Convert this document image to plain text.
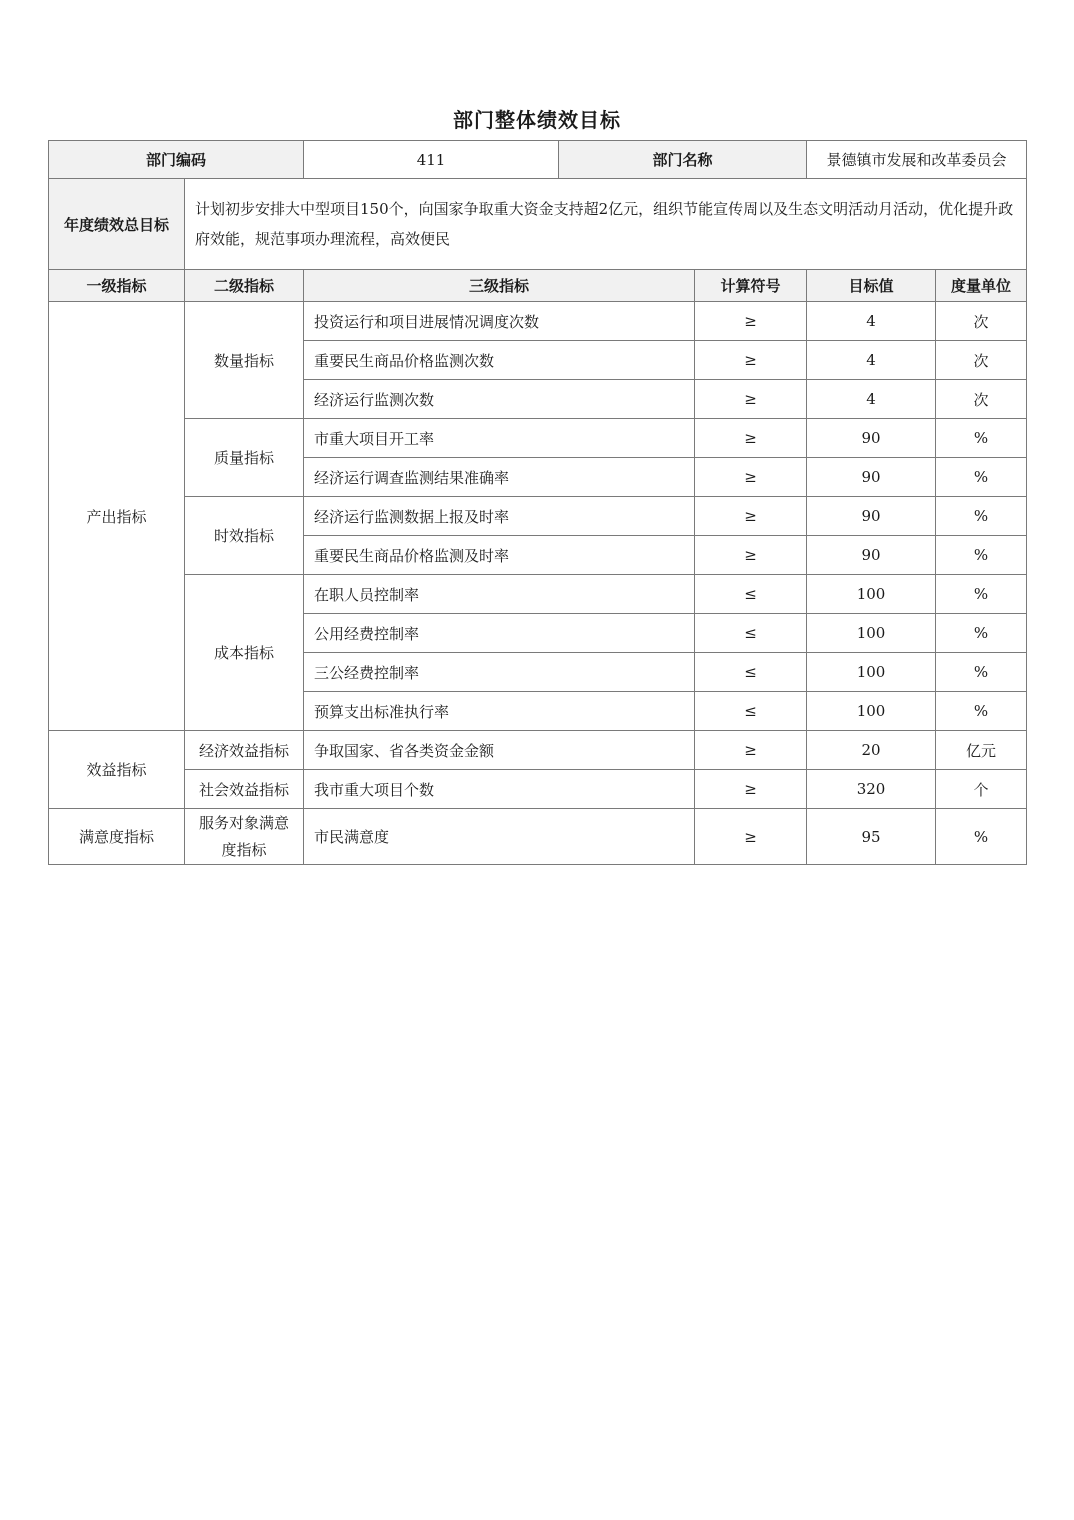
部门整体绩效目标
部门编码		411	部门名称		景德镇市发展和改革委员会	
年度绩效总目标	计划初步安排大中型项目150个，向国家争取重大资金支持超2亿元，组织节能宣传周以及生态文明活动月活动，优化提升政府效能，规范事项办理流程，高效便民					
一级指标	二级指标	三级指标		计算符号	目标值	度量单位
产出指标	数量指标	投资运行和项目进展情况调度次数		≥	4	次
		重要民生商品价格监测次数		≥	4	次
		经济运行监测次数		≥	4	次
	质量指标	市重大项目开工率		≥	90	%
		经济运行调查监测结果准确率		≥	90	%
	时效指标	经济运行监测数据上报及时率		≥	90	%
		重要民生商品价格监测及时率		≥	90	%
	成本指标	在职人员控制率		≤	100	%
		公用经费控制率		≤	100	%
		三公经费控制率		≤	100	%
		预算支出标准执行率		≤	100	%
效益指标	经济效益指标	争取国家、省各类资金金额		≥	20	亿元
	社会效益指标	我市重大项目个数		≥	320	个
满意度指标	服务对象满意度指标	市民满意度		≥	95	%
